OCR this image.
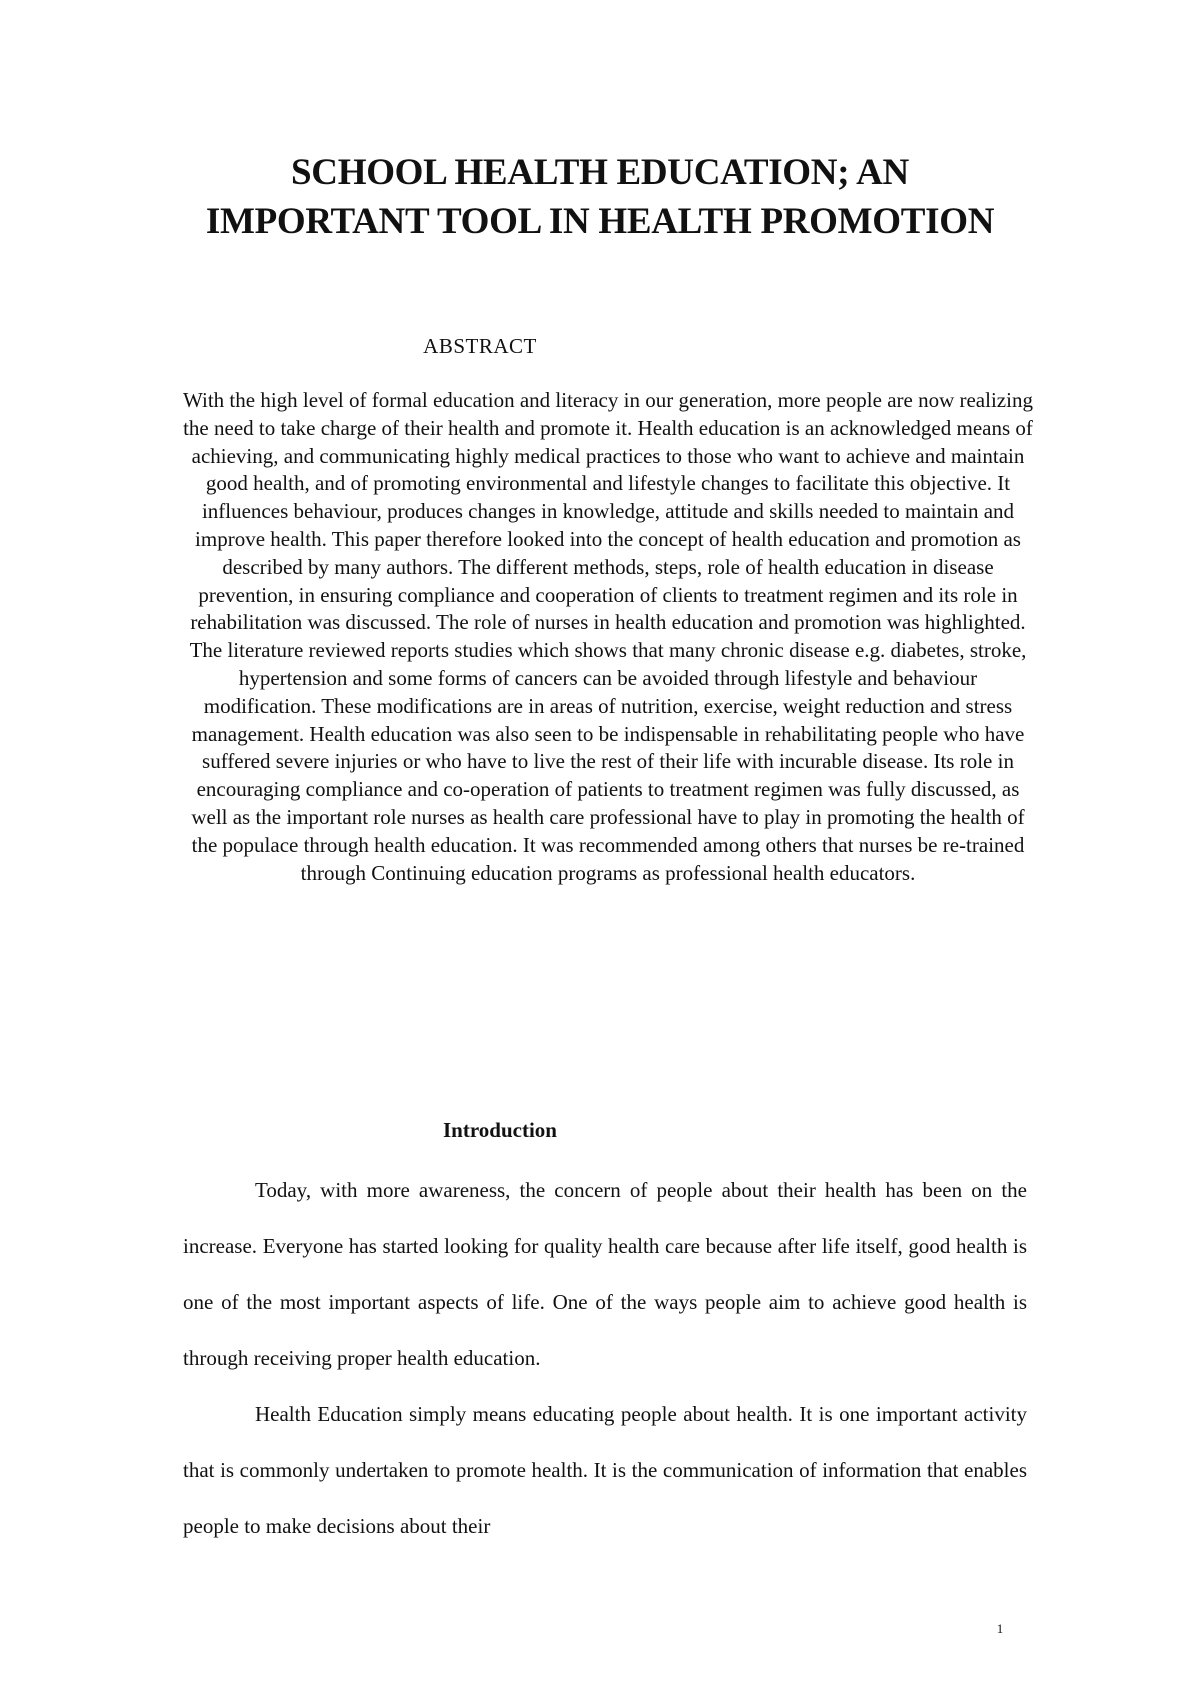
SCHOOL HEALTH EDUCATION; AN IMPORTANT TOOL IN HEALTH PROMOTION
ABSTRACT
With the high level of formal education and literacy in our generation, more people are now realizing the need to take charge of their health and promote it. Health education is an acknowledged means of achieving, and communicating highly medical practices to those who want to achieve and maintain good health, and of promoting environmental and lifestyle changes to facilitate this objective. It influences behaviour, produces changes in knowledge, attitude and skills needed to maintain and improve health. This paper therefore looked into the concept of health education and promotion as described by many authors. The different methods, steps, role of health education in disease prevention, in ensuring compliance and cooperation of clients to treatment regimen and its role in rehabilitation was discussed. The role of nurses in health education and promotion was highlighted. The literature reviewed reports studies which shows that many chronic disease e.g. diabetes, stroke, hypertension and some forms of cancers can be avoided through lifestyle and behaviour modification. These modifications are in areas of nutrition, exercise, weight reduction and stress management. Health education was also seen to be indispensable in rehabilitating people who have suffered severe injuries or who have to live the rest of their life with incurable disease. Its role in encouraging compliance and co-operation of patients to treatment regimen was fully discussed, as well as the important role nurses as health care professional have to play in promoting the health of the populace through health education. It was recommended among others that nurses be re-trained through Continuing education programs as professional health educators.
Introduction

Today, with more awareness, the concern of people about their health has been on the increase. Everyone has started looking for quality health care because after life itself, good health is one of the most important aspects of life. One of the ways people aim to achieve good health is through receiving proper health education.

Health Education simply means educating people about health. It is one important activity that is commonly undertaken to promote health. It is the communication of information that enables people to make decisions about their

1
